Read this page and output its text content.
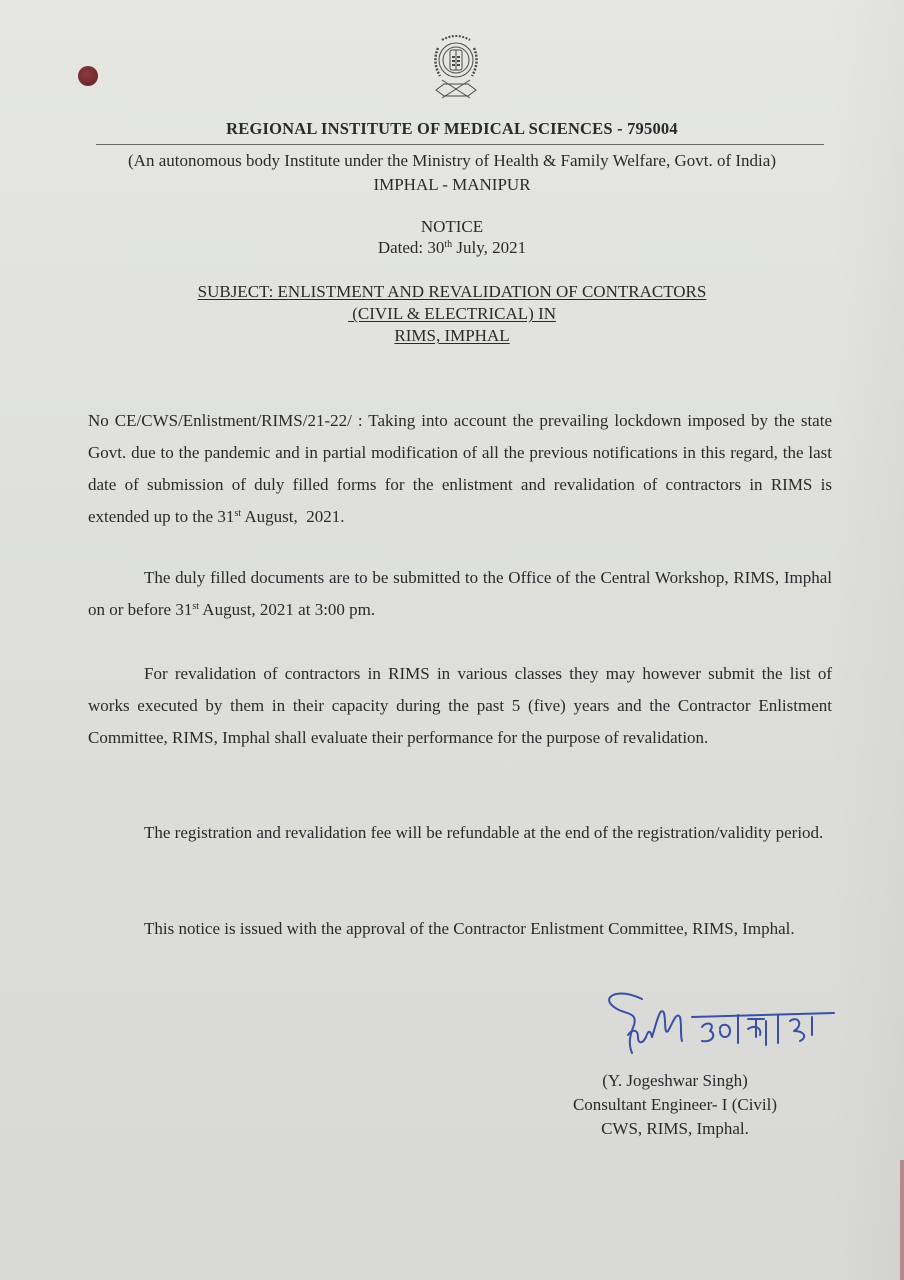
REGIONAL INSTITUTE OF MEDICAL SCIENCES - 795004
(An autonomous body Institute under the Ministry of Health & Family Welfare, Govt. of India)
IMPHAL - MANIPUR
NOTICE
Dated: 30th July, 2021
SUBJECT: ENLISTMENT AND REVALIDATION OF CONTRACTORS
(CIVIL & ELECTRICAL) IN
RIMS, IMPHAL
No CE/CWS/Enlistment/RIMS/21-22/ : Taking into account the prevailing lockdown imposed by the state Govt. due to the pandemic and in partial modification of all the previous notifications in this regard, the last date of submission of duly filled forms for the enlistment and revalidation of contractors in RIMS is extended up to the 31st August,  2021.
The duly filled documents are to be submitted to the Office of the Central Workshop, RIMS, Imphal on or before 31st August, 2021 at 3:00 pm.
For revalidation of contractors in RIMS in various classes they may however submit the list of works executed by them in their capacity during the past 5 (five) years and the Contractor Enlistment Committee, RIMS, Imphal shall evaluate their performance for the purpose of revalidation.
The registration and revalidation fee will be refundable at the end of the registration/validity period.
This notice is issued with the approval of the Contractor Enlistment Committee, RIMS, Imphal.
(Y. Jogeshwar Singh)
Consultant Engineer- I (Civil)
CWS, RIMS, Imphal.
